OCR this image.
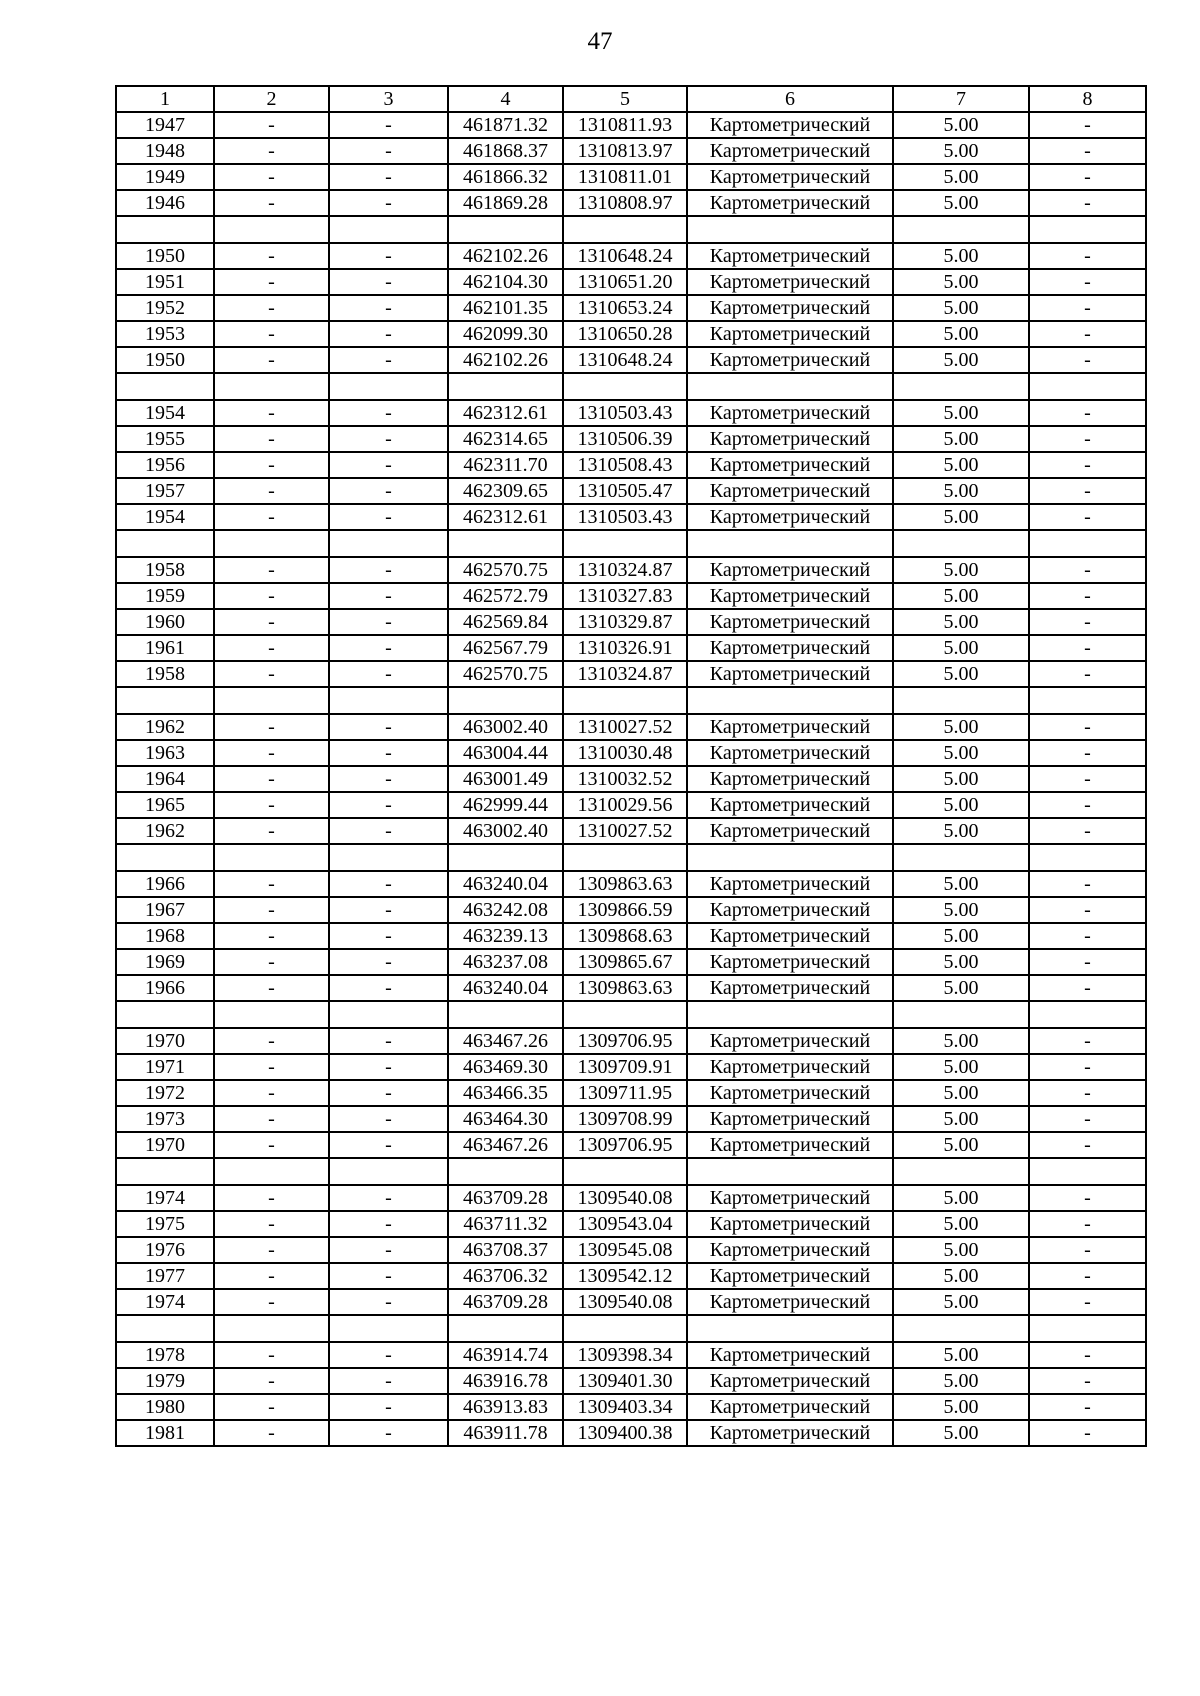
47
1	2	3	4	5	6	7	8
1947	-	-	461871.32	1310811.93	Картометрический	5.00	-
1948	-	-	461868.37	1310813.97	Картометрический	5.00	-
1949	-	-	461866.32	1310811.01	Картометрический	5.00	-
1946	-	-	461869.28	1310808.97	Картометрический	5.00	-

1950	-	-	462102.26	1310648.24	Картометрический	5.00	-
1951	-	-	462104.30	1310651.20	Картометрический	5.00	-
1952	-	-	462101.35	1310653.24	Картометрический	5.00	-
1953	-	-	462099.30	1310650.28	Картометрический	5.00	-
1950	-	-	462102.26	1310648.24	Картометрический	5.00	-

1954	-	-	462312.61	1310503.43	Картометрический	5.00	-
1955	-	-	462314.65	1310506.39	Картометрический	5.00	-
1956	-	-	462311.70	1310508.43	Картометрический	5.00	-
1957	-	-	462309.65	1310505.47	Картометрический	5.00	-
1954	-	-	462312.61	1310503.43	Картометрический	5.00	-

1958	-	-	462570.75	1310324.87	Картометрический	5.00	-
1959	-	-	462572.79	1310327.83	Картометрический	5.00	-
1960	-	-	462569.84	1310329.87	Картометрический	5.00	-
1961	-	-	462567.79	1310326.91	Картометрический	5.00	-
1958	-	-	462570.75	1310324.87	Картометрический	5.00	-

1962	-	-	463002.40	1310027.52	Картометрический	5.00	-
1963	-	-	463004.44	1310030.48	Картометрический	5.00	-
1964	-	-	463001.49	1310032.52	Картометрический	5.00	-
1965	-	-	462999.44	1310029.56	Картометрический	5.00	-
1962	-	-	463002.40	1310027.52	Картометрический	5.00	-

1966	-	-	463240.04	1309863.63	Картометрический	5.00	-
1967	-	-	463242.08	1309866.59	Картометрический	5.00	-
1968	-	-	463239.13	1309868.63	Картометрический	5.00	-
1969	-	-	463237.08	1309865.67	Картометрический	5.00	-
1966	-	-	463240.04	1309863.63	Картометрический	5.00	-

1970	-	-	463467.26	1309706.95	Картометрический	5.00	-
1971	-	-	463469.30	1309709.91	Картометрический	5.00	-
1972	-	-	463466.35	1309711.95	Картометрический	5.00	-
1973	-	-	463464.30	1309708.99	Картометрический	5.00	-
1970	-	-	463467.26	1309706.95	Картометрический	5.00	-

1974	-	-	463709.28	1309540.08	Картометрический	5.00	-
1975	-	-	463711.32	1309543.04	Картометрический	5.00	-
1976	-	-	463708.37	1309545.08	Картометрический	5.00	-
1977	-	-	463706.32	1309542.12	Картометрический	5.00	-
1974	-	-	463709.28	1309540.08	Картометрический	5.00	-

1978	-	-	463914.74	1309398.34	Картометрический	5.00	-
1979	-	-	463916.78	1309401.30	Картометрический	5.00	-
1980	-	-	463913.83	1309403.34	Картометрический	5.00	-
1981	-	-	463911.78	1309400.38	Картометрический	5.00	-
